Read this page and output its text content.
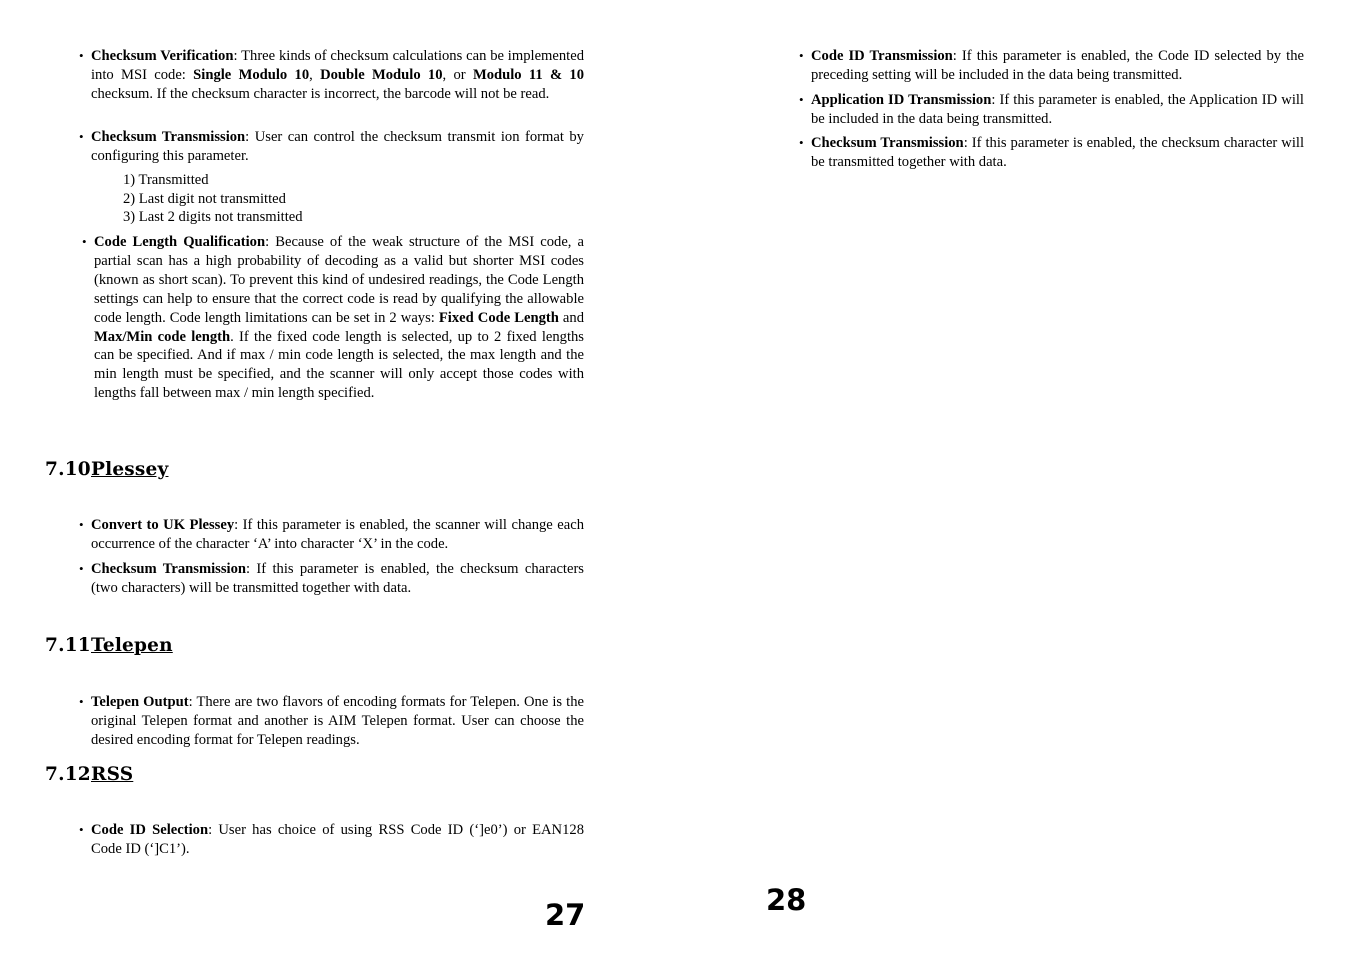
• Checksum Verification: Three kinds of checksum calculations can be implemented into MSI code: Single Modulo 10, Double Modulo 10, or Modulo 11 & 10 checksum. If the checksum character is incorrect, the barcode will not be read.
• Checksum Transmission: User can control the checksum transmit ion format by configuring this parameter.
1) Transmitted
2) Last digit not transmitted
3) Last 2 digits not transmitted
• Code Length Qualification: Because of the weak structure of the MSI code, a partial scan has a high probability of decoding as a valid but shorter MSI codes (known as short scan). To prevent this kind of undesired readings, the Code Length settings can help to ensure that the correct code is read by qualifying the allowable code length. Code length limitations can be set in 2 ways: Fixed Code Length and Max/Min code length. If the fixed code length is selected, up to 2 fixed lengths can be specified. And if max / min code length is selected, the max length and the min length must be specified, and the scanner will only accept those codes with lengths fall between max / min length specified.
7.10Plessey
• Convert to UK Plessey: If this parameter is enabled, the scanner will change each occurrence of the character ‘A’ into character ‘X’ in the code.
• Checksum Transmission: If this parameter is enabled, the checksum characters (two characters) will be transmitted together with data.
7.11Telepen
• Telepen Output: There are two flavors of encoding formats for Telepen. One is the original Telepen format and another is AIM Telepen format. User can choose the desired encoding format for Telepen readings.
7.12RSS
• Code ID Selection: User has choice of using RSS Code ID (‘]e0’) or EAN128 Code ID (‘]C1’).
27
• Code ID Transmission: If this parameter is enabled, the Code ID selected by the preceding setting will be included in the data being transmitted.
• Application ID Transmission: If this parameter is enabled, the Application ID will be included in the data being transmitted.
• Checksum Transmission: If this parameter is enabled, the checksum character will be transmitted together with data.
28
